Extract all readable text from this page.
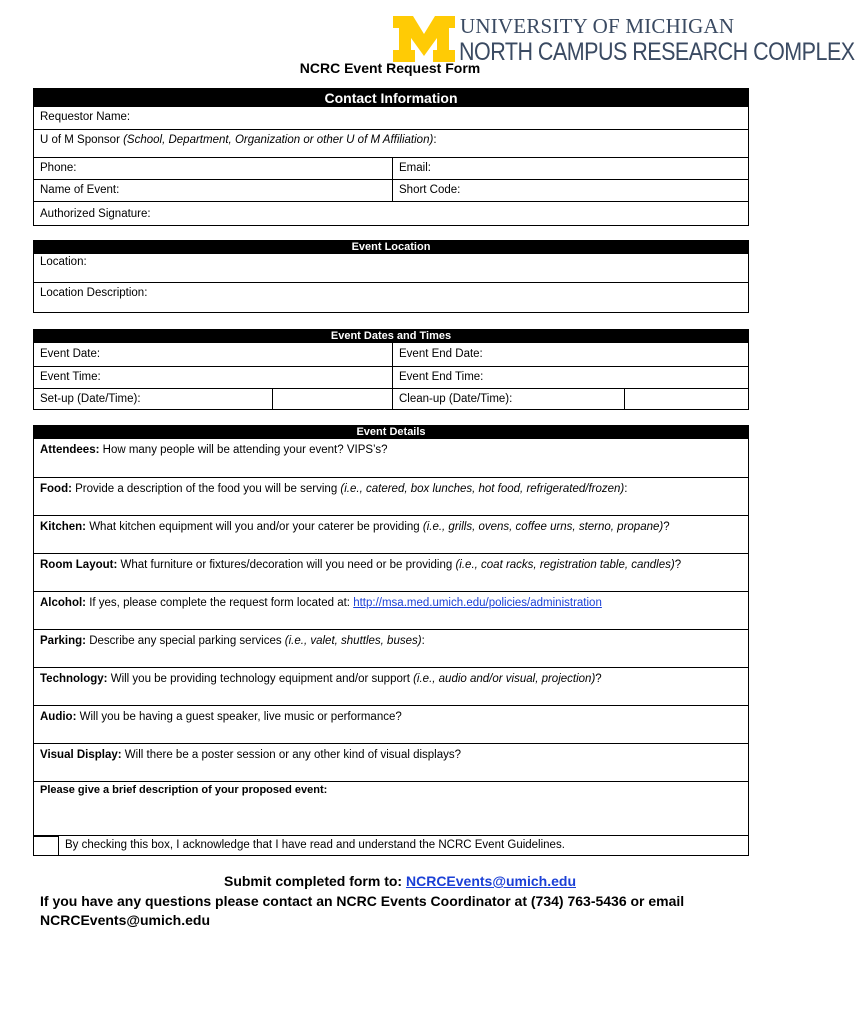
UNIVERSITY OF MICHIGAN
NORTH CAMPUS RESEARCH COMPLEX
NCRC Event Request Form
Contact Information
Requestor Name:
U of M Sponsor (School, Department, Organization or other U of M Affiliation):
Phone:	Email:
Name of Event:	Short Code:
Authorized Signature:
Event Location
Location:
Location Description:
Event Dates and Times
Event Date:	Event End Date:
Event Time:	Event End Time:
Set-up (Date/Time):	Clean-up (Date/Time):
Event Details
Attendees: How many people will be attending your event? VIPS’s?
Food: Provide a description of the food you will be serving (i.e., catered, box lunches, hot food, refrigerated/frozen):
Kitchen: What kitchen equipment will you and/or your caterer be providing (i.e., grills, ovens, coffee urns, sterno, propane)?
Room Layout: What furniture or fixtures/decoration will you need or be providing (i.e., coat racks, registration table, candles)?
Alcohol: If yes, please complete the request form located at: http://msa.med.umich.edu/policies/administration
Parking: Describe any special parking services (i.e., valet, shuttles, buses):
Technology: Will you be providing technology equipment and/or support (i.e., audio and/or visual, projection)?
Audio: Will you be having a guest speaker, live music or performance?
Visual Display: Will there be a poster session or any other kind of visual displays?
Please give a brief description of your proposed event:
By checking this box, I acknowledge that I have read and understand the NCRC Event Guidelines.
Submit completed form to: NCRCEvents@umich.edu
If you have any questions please contact an NCRC Events Coordinator at (734) 763-5436 or email NCRCEvents@umich.edu
